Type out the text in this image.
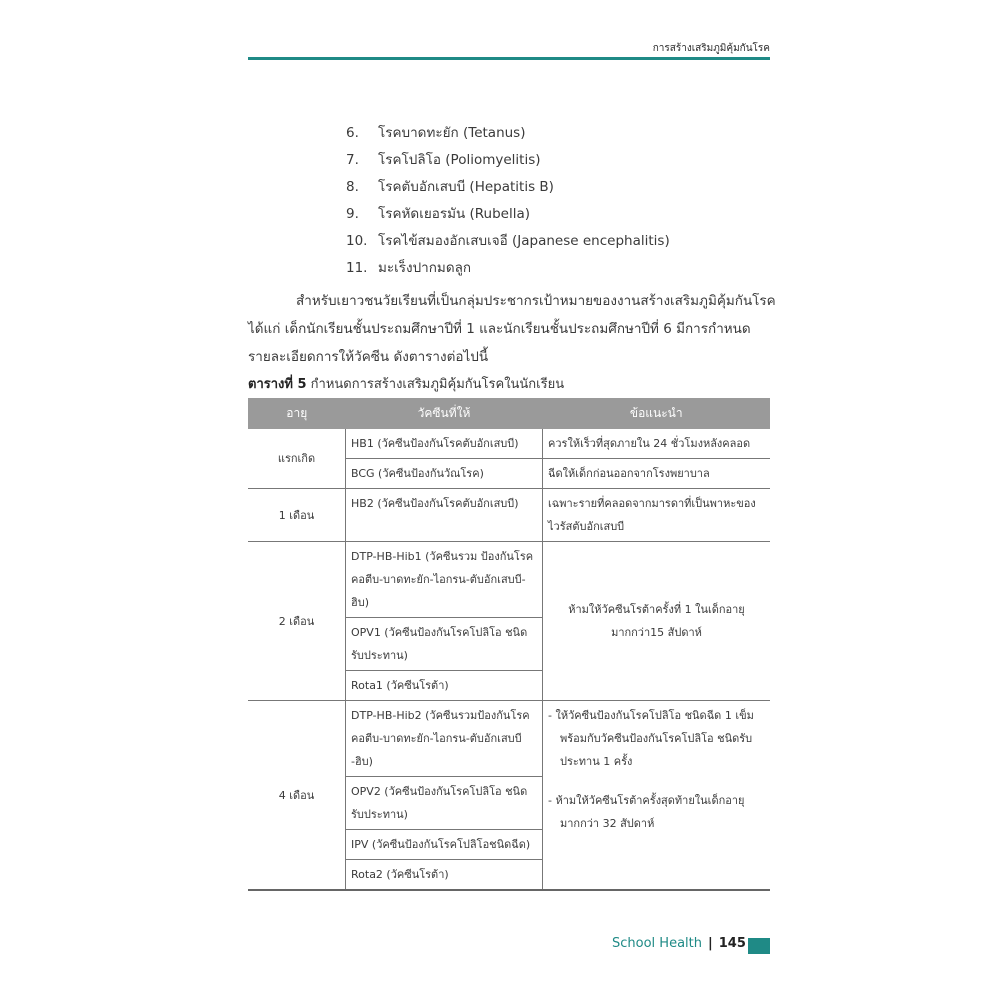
การสร้างเสริมภูมิคุ้มกันโรค
6. โรคบาดทะยัก (Tetanus)
7. โรคโปลิโอ (Poliomyelitis)
8. โรคตับอักเสบบี (Hepatitis B)
9. โรคหัดเยอรมัน (Rubella)
10. โรคไข้สมองอักเสบเจอี (Japanese encephalitis)
11. มะเร็งปากมดลูก
สำหรับเยาวชนวัยเรียนที่เป็นกลุ่มประชากรเป้าหมายของงานสร้างเสริมภูมิคุ้มกันโรค
ได้แก่ เด็กนักเรียนชั้นประถมศึกษาปีที่ 1 และนักเรียนชั้นประถมศึกษาปีที่ 6 มีการกำหนด
รายละเอียดการให้วัคซีน ดังตารางต่อไปนี้
ตารางที่ 5 กำหนดการสร้างเสริมภูมิคุ้มกันโรคในนักเรียน
อายุ	วัคซีนที่ให้	ข้อแนะนำ
แรกเกิด	HB1 (วัคซีนป้องกันโรคตับอักเสบบี)	ควรให้เร็วที่สุดภายใน 24 ชั่วโมงหลังคลอด
	BCG (วัคซีนป้องกันวัณโรค)	ฉีดให้เด็กก่อนออกจากโรงพยาบาล
1 เดือน	HB2 (วัคซีนป้องกันโรคตับอักเสบบี)	เฉพาะรายที่คลอดจากมารดาที่เป็นพาหะของไวรัสตับอักเสบบี
2 เดือน	DTP-HB-Hib1 (วัคซีนรวม ป้องกันโรคคอตีบ-บาดทะยัก-ไอกรน-ตับอักเสบบี-ฮิบ)	ห้ามให้วัคซีนโรต้าครั้งที่ 1 ในเด็กอายุมากกว่า15 สัปดาห์
	OPV1 (วัคซีนป้องกันโรคโปลิโอ ชนิดรับประทาน)	
	Rota1 (วัคซีนโรต้า)	
4 เดือน	DTP-HB-Hib2 (วัคซีนรวมป้องกันโรคคอตีบ-บาดทะยัก-ไอกรน-ตับอักเสบบี -ฮิบ)	- ให้วัคซีนป้องกันโรคโปลิโอ ชนิดฉีด 1 เข็ม พร้อมกับวัคซีนป้องกันโรคโปลิโอ ชนิดรับประทาน 1 ครั้ง
- ห้ามให้วัคซีนโรต้าครั้งสุดท้ายในเด็กอายุมากกว่า 32 สัปดาห์

	OPV2 (วัคซีนป้องกันโรคโปลิโอ ชนิดรับประทาน)	
	IPV (วัคซีนป้องกันโรคโปลิโอชนิดฉีด)	
	Rota2 (วัคซีนโรต้า)	
School Health | 145
